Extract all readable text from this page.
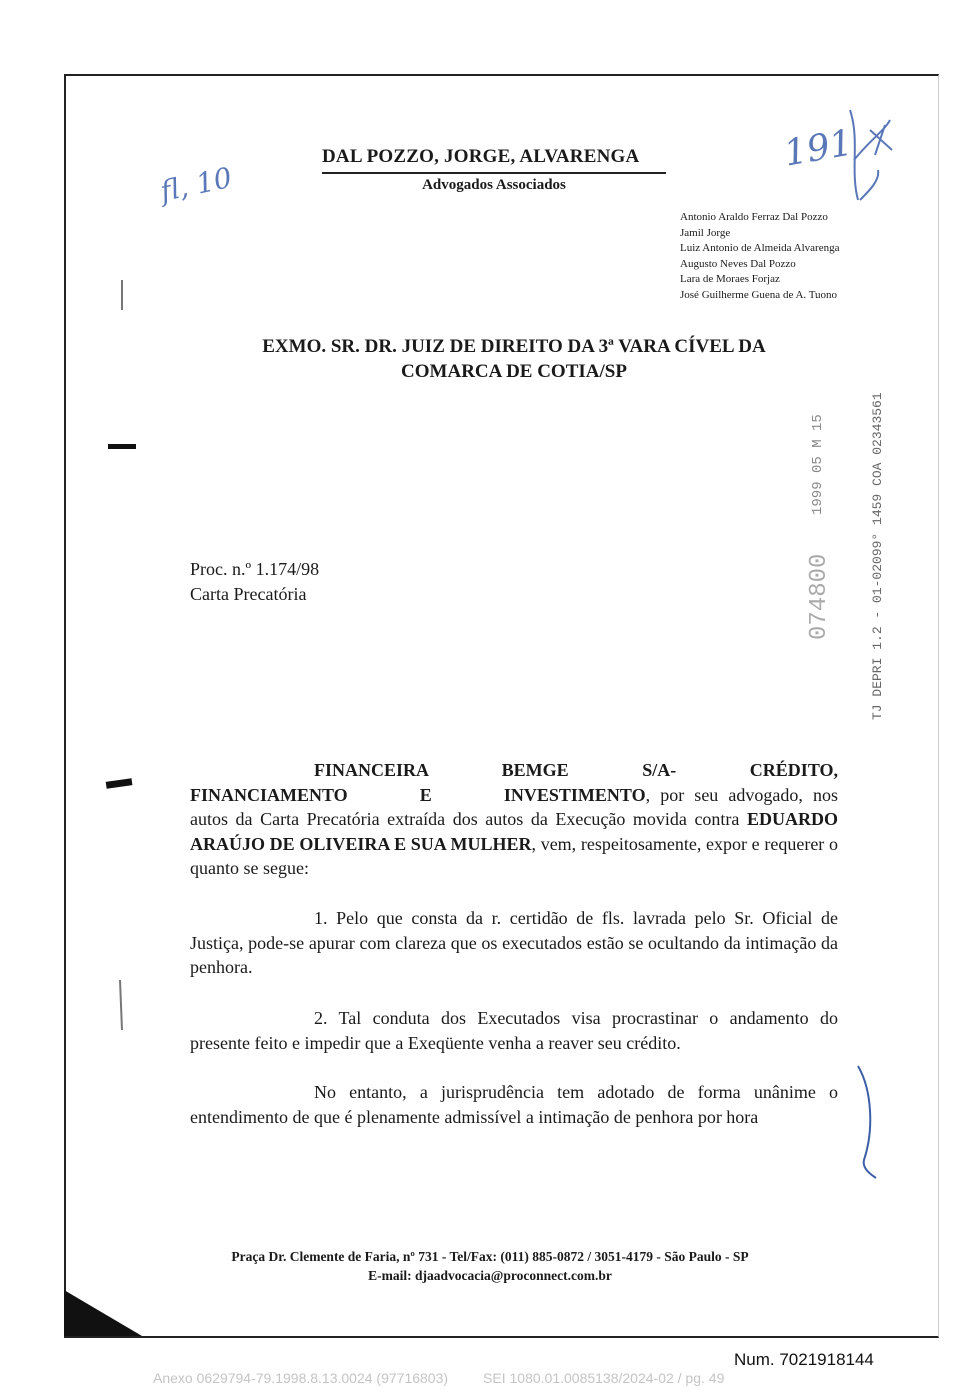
DAL POZZO, JORGE, ALVARENGA
Advogados Associados
Antonio Araldo Ferraz Dal Pozzo
Jamil Jorge
Luiz Antonio de Almeida Alvarenga
Augusto Neves Dal Pozzo
Lara de Moraes Forjaz
José Guilherme Guena de A. Tuono
fl, 10
191
EXMO. SR. DR. JUIZ DE DIREITO DA 3ª VARA CÍVEL DA
COMARCA DE COTIA/SP
TJ DEPRI 1.2 - 01-02099° 1459 COA 02343561
1999 05 M 15
074800
Proc. n.º 1.174/98
Carta Precatória
FINANCEIRA BEMGE S/A- CRÉDITO, FINANCIAMENTO E INVESTIMENTO, por seu advogado, nos autos da Carta Precatória extraída dos autos da Execução movida contra EDUARDO ARAÚJO DE OLIVEIRA E SUA MULHER, vem, respeitosamente, expor e requerer o quanto se segue:
1. Pelo que consta da r. certidão de fls. lavrada pelo Sr. Oficial de Justiça, pode-se apurar com clareza que os executados estão se ocultando da intimação da penhora.
2. Tal conduta dos Executados visa procrastinar o andamento do presente feito e impedir que a Exeqüente venha a reaver seu crédito.
No entanto, a jurisprudência tem adotado de forma unânime o entendimento de que é plenamente admissível a intimação de penhora por hora
Praça Dr. Clemente de Faria, nº 731 - Tel/Fax: (011) 885-0872 / 3051-4179 - São Paulo - SP
E-mail: djaadvocacia@proconnect.com.br
Num. 7021918144
Anexo 0629794-79.1998.8.13.0024 (97716803)         SEI 1080.01.0085138/2024-02 / pg. 49
